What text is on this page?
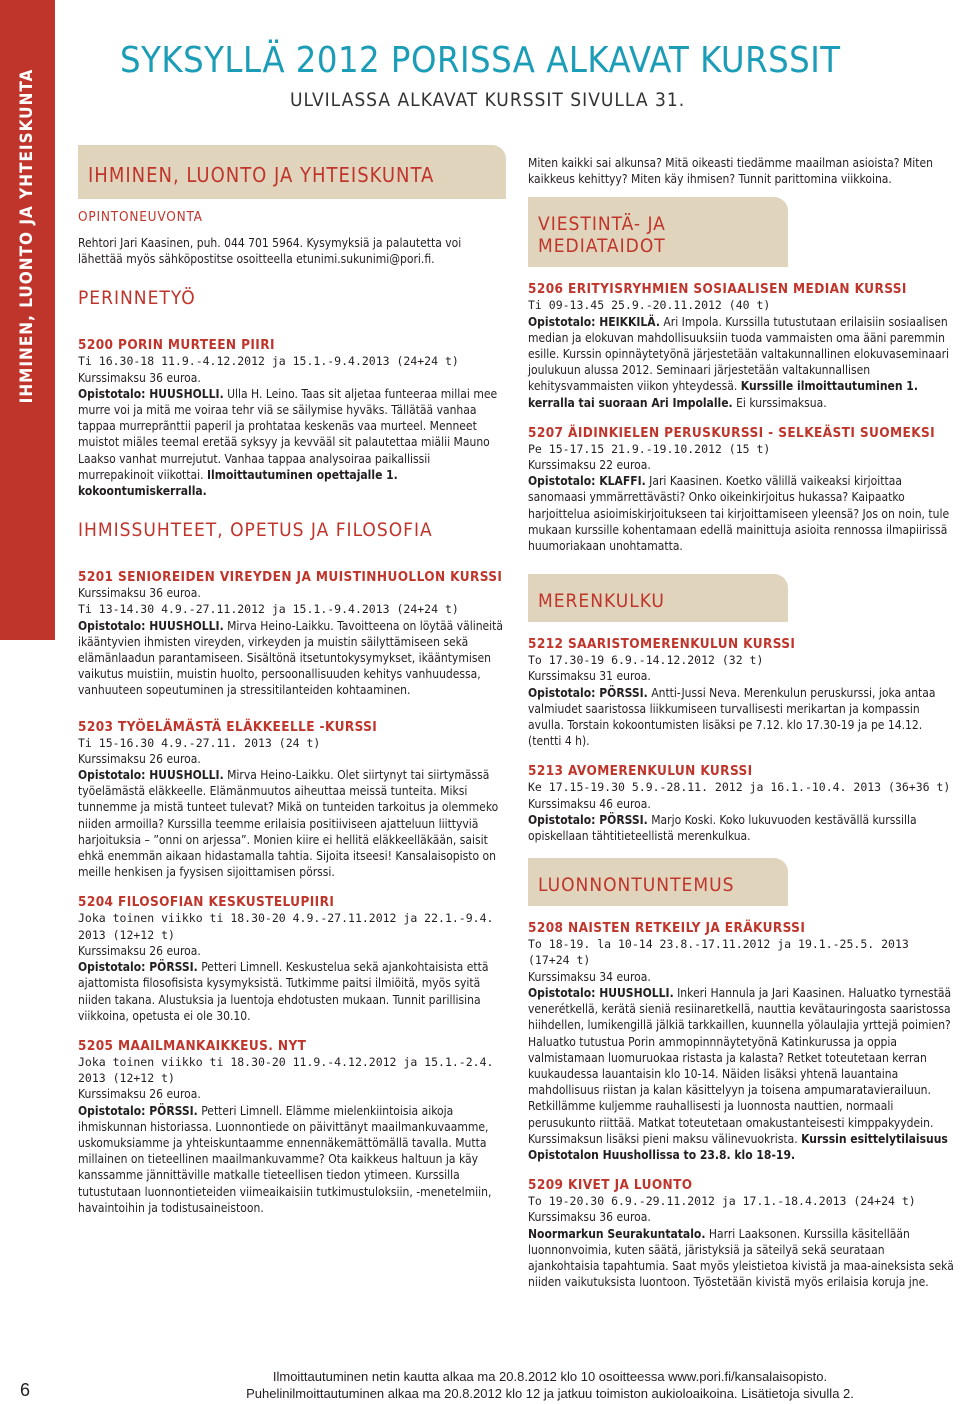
IHMINEN, LUONTO JA YHTEISKUNTA
6
SYKSYLLÄ 2012 PORISSA ALKAVAT KURSSIT
ULVILASSA ALKAVAT KURSSIT SIVULLA 31.
IHMINEN, LUONTO JA YHTEISKUNTA
OPINTONEUVONTA

Rehtori Jari Kaasinen, puh. 044 701 5964. Kysymyksiä ja palautetta voi lähettää myös sähköpostitse osoitteella etunimi.sukunimi@pori.fi.

PERINNETYÖ
5200 PORIN MURTEEN PIIRI

Ti 16.30-18 11.9.-4.12.2012 ja 15.1.-9.4.2013 (24+24 t)

Kurssimaksu 36 euroa.

Opistotalo: HUUSHOLLI. Ulla H. Leino. Taas sit aljetaa funteeraa millai mee murre voi ja mitä me voiraa tehr viä se säilymise hyväks. Tällätää vanhaa tappaa murreprãnttii paperil ja prohtataa keskenäs vaa murteel. Menneet muistot miäles teemal eretää syksyy ja kevvääl sit palautettaa miälii Mauno Laakso vanhat murrejutut. Vanhaa tappaa analysoiraa paikallissii murrepakinoit viikottai. Ilmoittautuminen opettajalle 1. kokoontumiskerralla.

IHMISSUHTEET, OPETUS JA FILOSOFIA
5201 SENIOREIDEN VIREYDEN JA MUISTINHUOLLON KURSSI

Kurssimaksu 36 euroa.

Ti 13-14.30 4.9.-27.11.2012 ja 15.1.-9.4.2013 (24+24 t)

Opistotalo: HUUSHOLLI. Mirva Heino-Laikku. Tavoitteena on löytää välineitä ikääntyvien ihmisten vireyden, virkeyden ja muistin säilyttämiseen sekä elämänlaadun parantamiseen. Sisältönä itsetuntokysymykset, ikääntymisen vaikutus muistiin, muistin huolto, persoonallisuuden kehitys vanhuudessa, vanhuuteen sopeutuminen ja stressitilanteiden kohtaaminen.

5203 TYÖELÄMÄSTÄ ELÄKKEELLE -KURSSI

Ti 15-16.30 4.9.-27.11. 2013 (24 t)

Kurssimaksu 26 euroa.

Opistotalo: HUUSHOLLI. Mirva Heino-Laikku. Olet siirtynyt tai siirtymässä työelämästä eläkkeelle. Elämänmuutos aiheuttaa meissä tunteita. Miksi tunnemme ja mistä tunteet tulevat? Mikä on tunteiden tarkoitus ja olemmeko niiden armoilla? Kurssilla teemme erilaisia positiiviseen ajatteluun liittyviä harjoituksia – ”onni on arjessa”. Monien kiire ei hellitä eläkkeelläkään, saisit ehkä enemmän aikaan hidastamalla tahtia. Sijoita itseesi! Kansalaisopisto on meille henkisen ja fyysisen sijoittamisen pörssi.

5204 FILOSOFIAN KESKUSTELUPIIRI

Joka toinen viikko ti 18.30-20 4.9.-27.11.2012 ja 22.1.-9.4. 2013 (12+12 t)

Kurssimaksu 26 euroa.

Opistotalo: PÖRSSI. Petteri Limnell. Keskustelua sekä ajankohtaisista että ajattomista filosofisista kysymyksistä. Tutkimme paitsi ilmiöitä, myös syitä niiden takana. Alustuksia ja luentoja ehdotusten mukaan. Tunnit parillisina viikkoina, opetusta ei ole 30.10.

5205 MAAILMANKAIKKEUS. NYT

Joka toinen viikko ti 18.30-20 11.9.-4.12.2012 ja 15.1.-2.4. 2013 (12+12 t)

Kurssimaksu 26 euroa.

Opistotalo: PÖRSSI. Petteri Limnell. Elämme mielenkiintoisia aikoja ihmiskunnan historiassa. Luonnontiede on päivittänyt maailmankuvaamme, uskomuksiamme ja yhteiskuntaamme ennennäkemättömällä tavalla. Mutta millainen on tieteellinen maailmankuvamme? Ota kaikkeus haltuun ja käy kanssamme jännittäville matkalle tieteellisen tiedon ytimeen. Kurssilla tutustutaan luonnontieteiden viimeaikaisiin tutkimustuloksiin, -menetelmiin, havaintoihin ja todistusaineistoon.

Miten kaikki sai alkunsa? Mitä oikeasti tiedämme maailman asioista? Miten kaikkeus kehittyy? Miten käy ihmisen? Tunnit parittomina viikkoina.

VIESTINTÄ- JA MEDIATAIDOT
5206 ERITYISRYHMIEN SOSIAALISEN MEDIAN KURSSI

Ti 09-13.45 25.9.-20.11.2012 (40 t)

Opistotalo: HEIKKILÄ. Ari Impola. Kurssilla tutustutaan erilaisiin sosiaalisen median ja elokuvan mahdollisuuksiin tuoda vammaisten oma ääni paremmin esille. Kurssin opinnäytetyönä järjestetään valtakunnallinen elokuvaseminaari joulukuun alussa 2012. Seminaari järjestetään valtakunnallisen kehitysvammaisten viikon yhteydessä. Kurssille ilmoittautuminen 1. kerralla tai suoraan Ari Impolalle. Ei kurssimaksua.

5207 ÄIDINKIELEN PERUSKURSSI - SELKEÄSTI SUOMEKSI

Pe 15-17.15 21.9.-19.10.2012 (15 t)

Kurssimaksu 22 euroa.

Opistotalo: KLAFFI. Jari Kaasinen. Koetko välillä vaikeaksi kirjoittaa sanomaasi ymmärrettävästi? Onko oikeinkirjoitus hukassa? Kaipaatko harjoittelua asioimiskirjoitukseen tai kirjoittamiseen yleensä? Jos on noin, tule mukaan kurssille kohentamaan edellä mainittuja asioita rennossa ilmapiirissä huumoriakaan unohtamatta.

MERENKULKU
5212 SAARISTOMERENKULUN KURSSI

To 17.30-19 6.9.-14.12.2012 (32 t)

Kurssimaksu 31 euroa.

Opistotalo: PÖRSSI. Antti-Jussi Neva. Merenkulun peruskurssi, joka antaa valmiudet saaristossa liikkumiseen turvallisesti merikartan ja kompassin avulla. Torstain kokoontumisten lisäksi pe 7.12. klo 17.30-19 ja pe 14.12. (tentti 4 h).

5213 AVOMERENKULUN KURSSI

Ke 17.15-19.30 5.9.-28.11. 2012 ja 16.1.-10.4. 2013 (36+36 t)

Kurssimaksu 46 euroa.

Opistotalo: PÖRSSI. Marjo Koski. Koko lukuvuoden kestävällä kurssilla opiskellaan tähtitieteellistä merenkulkua.

LUONNONTUNTEMUS
5208 NAISTEN RETKEILY JA ERÄKURSSI

To 18-19. la 10-14 23.8.-17.11.2012 ja 19.1.-25.5. 2013 (17+24 t)

Kurssimaksu 34 euroa.

Opistotalo: HUUSHOLLI. Inkeri Hannula ja Jari Kaasinen. Haluatko tyrnestää venerétkellä, kerätä sieniä resiinaretkellä, nauttia kevätauringosta saaristossa hiihdellen, lumikengillä jälkiä tarkkaillen, kuunnella yölaulajia yrttejä poimien? Haluatko tutustua Porin ammopinnnäytetyönä Katinkurussa ja oppia valmistamaan luomuruokaa ristasta ja kalasta? Retket toteutetaan kerran kuukaudessa lauantaisin klo 10-14. Näiden lisäksi yhtenä lauantaina mahdollisuus riistan ja kalan käsittelyyn ja toisena ampumaratavierailuun. Retkillämme kuljemme rauhallisesti ja luonnosta nauttien, normaali perusukunto riittää. Matkat toteutetaan omakustanteisesti kimppakyydein. Kurssimaksun lisäksi pieni maksu välinevuokrista. Kurssin esittelytilaisuus Opistotalon Huushollissa to 23.8. klo 18-19.

5209 KIVET JA LUONTO

To 19-20.30 6.9.-29.11.2012 ja 17.1.-18.4.2013 (24+24 t)

Kurssimaksu 36 euroa.

Noormarkun Seurakuntatalo. Harri Laaksonen. Kurssilla käsitellään luonnonvoimia, kuten säätä, järistyksiä ja säteilyä sekä seurataan ajankohtaisia tapahtumia. Saat myös yleistietoa kivistä ja maa-aineksista sekä niiden vaikutuksista luontoon. Työstetään kivistä myös erilaisia koruja jne.

Ilmoittautuminen netin kautta alkaa ma 20.8.2012 klo 10 osoitteessa www.pori.fi/kansalaisopisto.
Puhelinilmoittautuminen alkaa ma 20.8.2012 klo 12 ja jatkuu toimiston aukioloaikoina. Lisätietoja sivulla 2.
